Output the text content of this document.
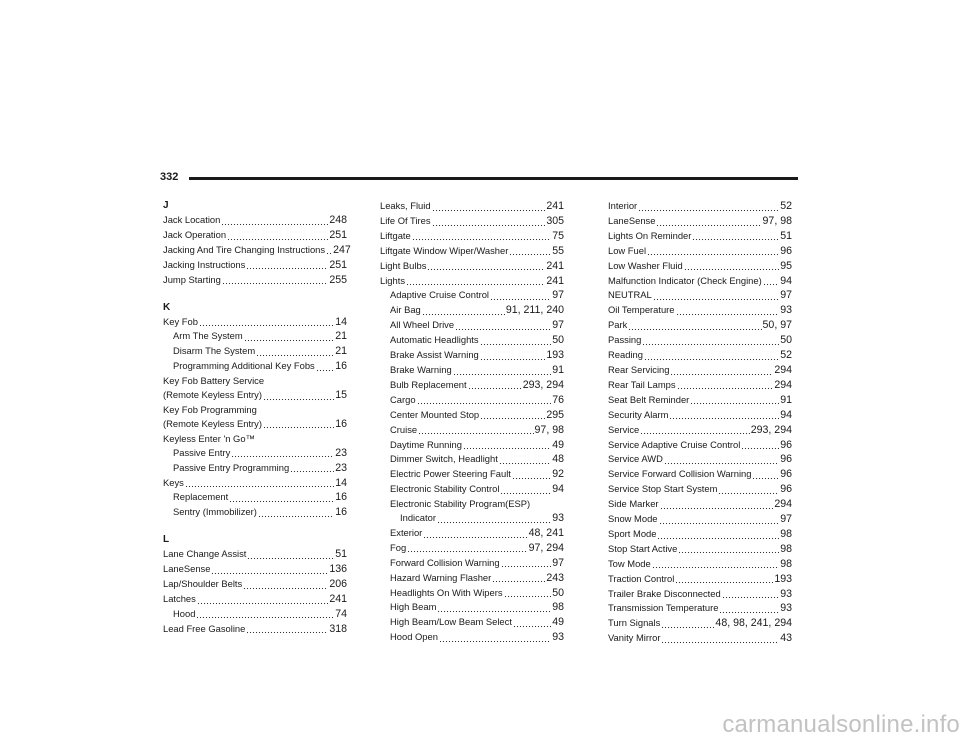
332
J
Jack Location	248
Jack Operation	251
Jacking And Tire Changing Instructions 247
Jacking Instructions	251
Jump Starting	255
K
Key Fob	14
Arm The System	21
Disarm The System	21
Programming Additional Key Fobs 16
Key Fob Battery Service
(Remote Keyless Entry)	15
Key Fob Programming
(Remote Keyless Entry)	16
Keyless Enter 'n Go™
Passive Entry	23
Passive Entry Programming	23
Keys	14
Replacement	16
Sentry (Immobilizer)	16
L
Lane Change Assist	51
LaneSense	136
Lap/Shoulder Belts	206
Latches	241
Hood	74
Lead Free Gasoline	318
Leaks, Fluid	241
Life Of Tires	305
Liftgate	75
Liftgate Window Wiper/Washer	55
Light Bulbs	241
Lights	241
Adaptive Cruise Control	97
Air Bag	91, 211, 240
All Wheel Drive	97
Automatic Headlights	50
Brake Assist Warning	193
Brake Warning	91
Bulb Replacement	293, 294
Cargo	76
Center Mounted Stop	295
Cruise	97, 98
Daytime Running	49
Dimmer Switch, Headlight	48
Electric Power Steering Fault	92
Electronic Stability Control	94
Electronic Stability Program(ESP)
Indicator	93
Exterior	48, 241
Fog	97, 294
Forward Collision Warning	97
Hazard Warning Flasher	243
Headlights On With Wipers	50
High Beam	98
High Beam/Low Beam Select	49
Hood Open	93
Interior	52
LaneSense	97, 98
Lights On Reminder	51
Low Fuel	96
Low Washer Fluid	95
Malfunction Indicator (Check Engine) 94
NEUTRAL	97
Oil Temperature	93
Park	50, 97
Passing	50
Reading	52
Rear Servicing	294
Rear Tail Lamps	294
Seat Belt Reminder	91
Security Alarm	94
Service	293, 294
Service Adaptive Cruise Control	96
Service AWD	96
Service Forward Collision Warning	96
Service Stop Start System	96
Side Marker	294
Snow Mode	97
Sport Mode	98
Stop Start Active	98
Tow Mode	98
Traction Control	193
Trailer Brake Disconnected	93
Transmission Temperature	93
Turn Signals	48, 98, 241, 294
Vanity Mirror	43
carmanualsonline.info
